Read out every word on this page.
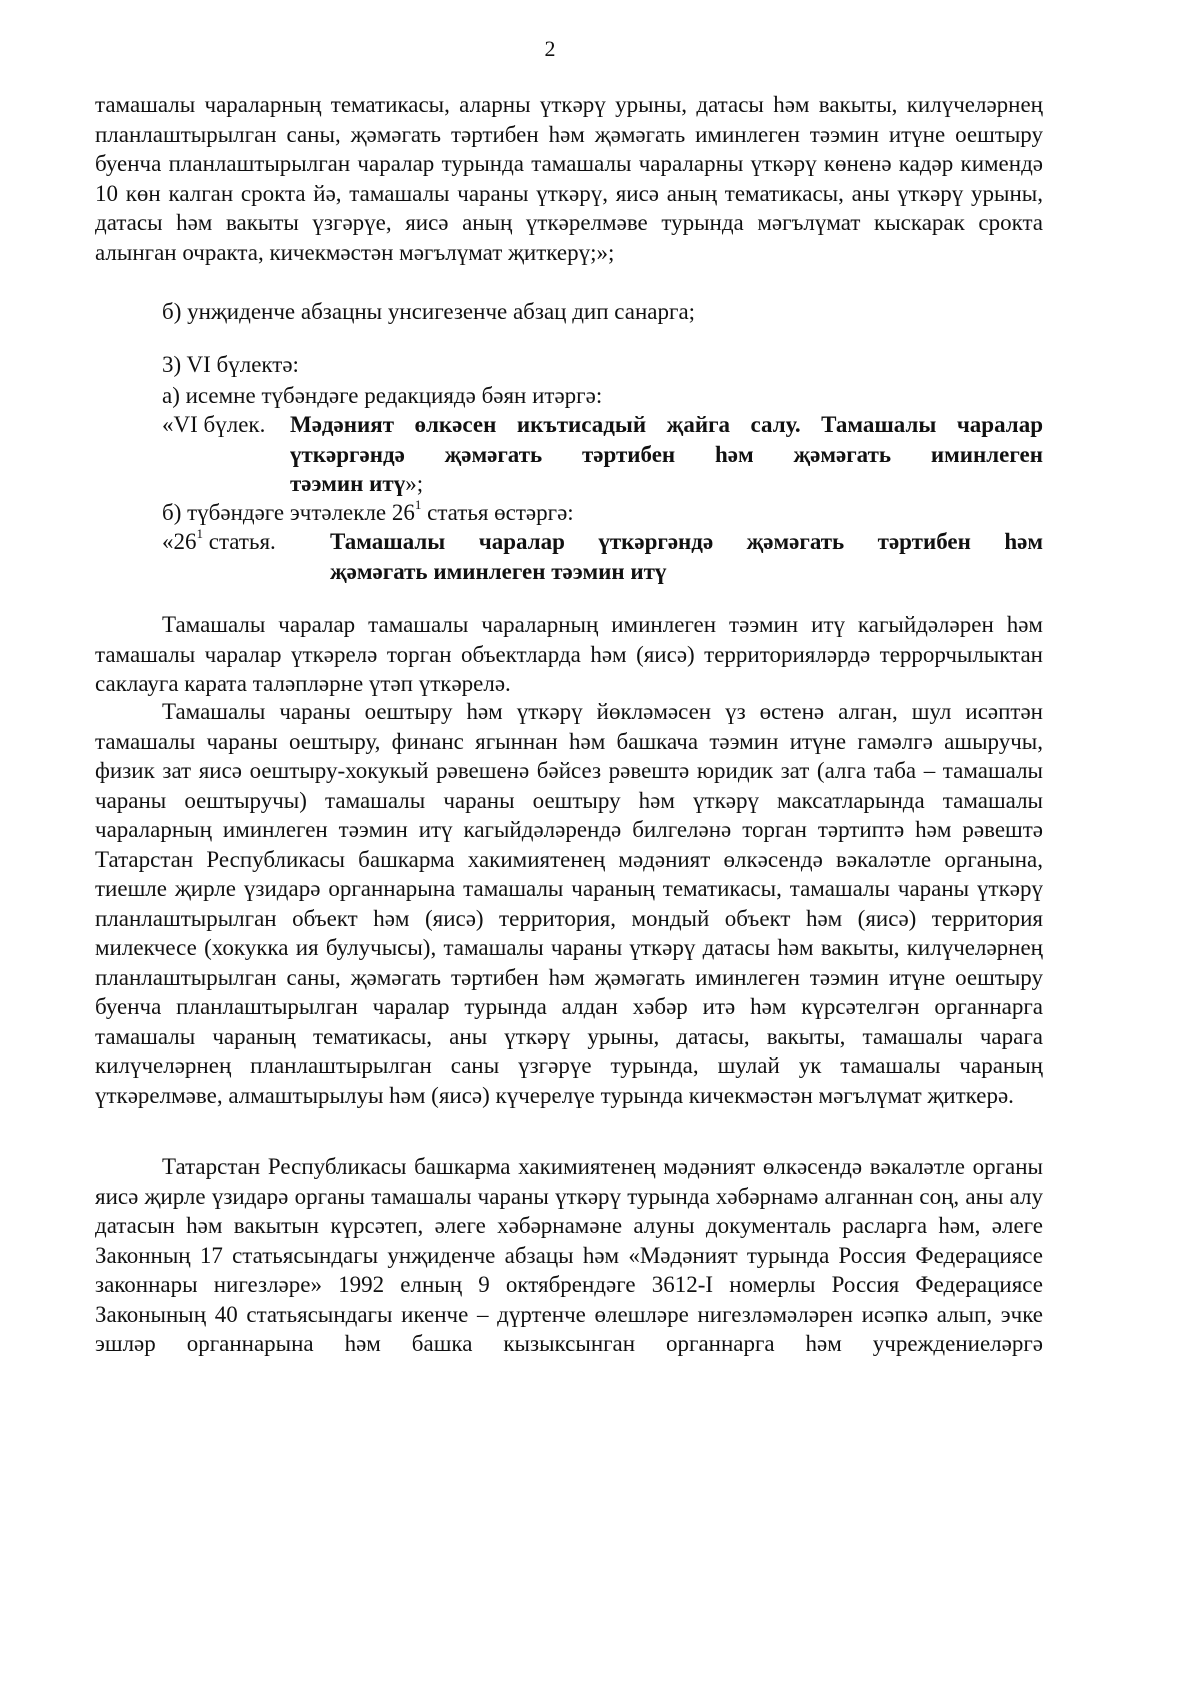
2

тамашалы чараларның тематикасы, аларны үткәрү урыны, датасы һәм вакыты, килүчеләрнең планлаштырылган саны, җәмәгать тәртибен һәм җәмәгать иминлеген тәэмин итүне оештыру буенча планлаштырылган чаралар турында тамашалы чараларны үткәрү көненә кадәр кимендә 10 көн калган срокта йә, тамашалы чараны үткәрү, яисә аның тематикасы, аны үткәрү урыны, датасы һәм вакыты үзгәрүе, яисә аның үткәрелмәве турында мәгълүмат кыскарак срокта алынган очракта, кичекмәстән мәгълүмат җиткерү;»;

б) унҗиденче абзацны унсигезенче абзац дип санарга;

3) VI бүлектә:

а) исемне түбәндәге редакциядә бәян итәргә:

«VI бүлек.	Мәдәният өлкәсен икътисадый җайга салу. Тамашалы чаралар
үткәргәндә җәмәгать тәртибен һәм җәмәгать иминлеген
тәэмин итү»;

б) түбәндәге эчтәлекле $26^1$ статья өстәргә:

«$26^1$ статья.	Тамашалы чаралар үткәргәндә җәмәгать тәртибен һәм
җәмәгать иминлеген тәэмин итү

Тамашалы чаралар тамашалы чараларның иминлеген тәэмин итү кагыйдәләрен һәм тамашалы чаралар үткәрелә торган объектларда һәм (яисә) территорияләрдә террорчылыктан саклауга карата таләпләрне үтәп үткәрелә.

Тамашалы чараны оештыру һәм үткәрү йөкләмәсен үз өстенә алган, шул исәптән тамашалы чараны оештыру, финанс ягыннан һәм башкача тәэмин итүне гамәлгә ашыручы, физик зат яисә оештыру-хокукый рәвешенә бәйсез рәвештә юридик зат (алга таба – тамашалы чараны оештыручы) тамашалы чараны оештыру һәм үткәрү максатларында тамашалы чараларның иминлеген тәэмин итү кагыйдәләрендә билгеләнә торган тәртиптә һәм рәвештә Татарстан Республикасы башкарма хакимиятенең мәдәният өлкәсендә вәкаләтле органына, тиешле җирле үзидарә органнарына тамашалы чараның тематикасы, тамашалы чараны үткәрү планлаштырылган объект һәм (яисә) территория, мондый объект һәм (яисә) территория милекчесе (хокукка ия булучысы), тамашалы чараны үткәрү датасы һәм вакыты, килүчеләрнең планлаштырылган саны, җәмәгать тәртибен һәм җәмәгать иминлеген тәэмин итүне оештыру буенча планлаштырылган чаралар турында алдан хәбәр итә һәм күрсәтелгән органнарга тамашалы чараның тематикасы, аны үткәрү урыны, датасы, вакыты, тамашалы чарага килүчеләрнең планлаштырылган саны үзгәрүе турында, шулай ук тамашалы чараның үткәрелмәве, алмаштырылуы һәм (яисә) күчерелүе турында кичекмәстән мәгълүмат җиткерә.

Татарстан Республикасы башкарма хакимиятенең мәдәният өлкәсендә вәкаләтле органы яисә җирле үзидарә органы тамашалы чараны үткәрү турында хәбәрнамә алганнан соң, аны алу датасын һәм вакытын күрсәтеп, әлеге хәбәрнамәне алуны документаль расларга һәм, әлеге Законның 17 статьясындагы унҗиденче абзацы һәм «Мәдәният турында Россия Федерациясе законнары нигезләре» 1992 елның 9 октябрендәге 3612-I номерлы Россия Федерациясе Законының 40 статьясындагы икенче – дүртенче өлешләре нигезләмәләрен исәпкә алып, эчке эшләр органнарына һәм башка кызыксынган органнарга һәм учреждениеләргә
